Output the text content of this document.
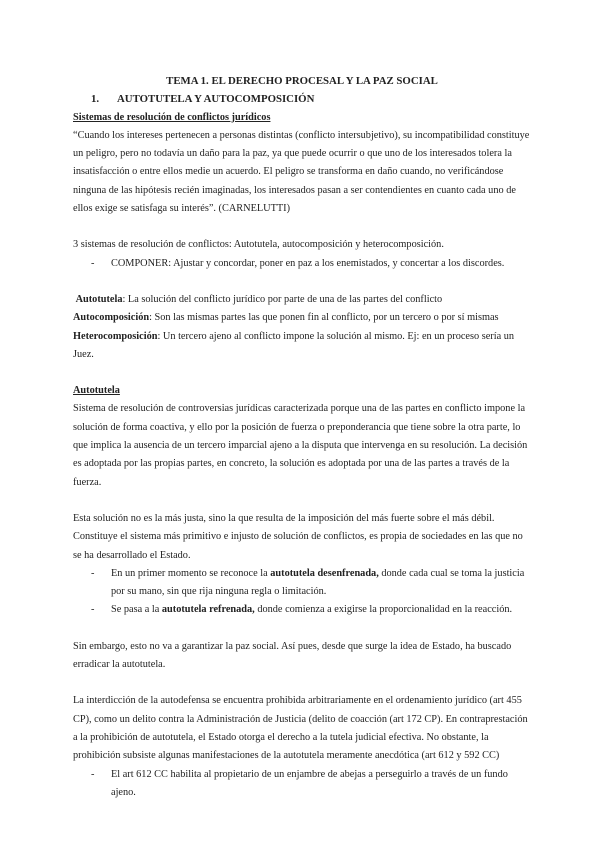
TEMA 1. EL DERECHO PROCESAL Y LA PAZ SOCIAL

1. AUTOTUTELA Y AUTOCOMPOSICIÓN

Sistemas de resolución de conflictos jurídicos

“Cuando los intereses pertenecen a personas distintas (conflicto intersubjetivo), su incompatibilidad constituye un peligro, pero no todavía un daño para la paz, ya que puede ocurrir o que uno de los interesados tolera la insatisfacción o entre ellos medie un acuerdo. El peligro se transforma en daño cuando, no verificándose ninguna de las hipótesis recién imaginadas, los interesados pasan a ser contendientes en cuanto cada uno de ellos exige se satisfaga su interés”. (CARNELUTTI)

3 sistemas de resolución de conflictos: Autotutela, autocomposición y heterocomposición.

- COMPONER: Ajustar y concordar, poner en paz a los enemistados, y concertar a los discordes.

Autotutela: La solución del conflicto jurídico por parte de una de las partes del conflicto

Autocomposición: Son las mismas partes las que ponen fin al conflicto, por un tercero o por sí mismas

Heterocomposición: Un tercero ajeno al conflicto impone la solución al mismo. Ej: en un proceso sería un Juez.

Autotutela

Sistema de resolución de controversias jurídicas caracterizada porque una de las partes en conflicto impone la solución de forma coactiva, y ello por la posición de fuerza o preponderancia que tiene sobre la otra parte, lo que implica la ausencia de un tercero imparcial ajeno a la disputa que intervenga en su resolución. La decisión es adoptada por las propias partes, en concreto, la solución es adoptada por una de las partes a través de la fuerza.

Esta solución no es la más justa, sino la que resulta de la imposición del más fuerte sobre el más débil. Constituye el sistema más primitivo e injusto de solución de conflictos, es propia de sociedades en las que no se ha desarrollado el Estado.

- En un primer momento se reconoce la autotutela desenfrenada, donde cada cual se toma la justicia por su mano, sin que rija ninguna regla o limitación.
- Se pasa a la autotutela refrenada, donde comienza a exigirse la proporcionalidad en la reacción.

Sin embargo, esto no va a garantizar la paz social. Así pues, desde que surge la idea de Estado, ha buscado erradicar la autotutela.

La interdicción de la autodefensa se encuentra prohibida arbitrariamente en el ordenamiento jurídico (art 455 CP), como un delito contra la Administración de Justicia (delito de coacción (art 172 CP). En contraprestación a la prohibición de autotutela, el Estado otorga el derecho a la tutela judicial efectiva. No obstante, la prohibición subsiste algunas manifestaciones de la autotutela meramente anecdótica (art 612 y 592 CC)

- El art 612 CC habilita al propietario de un enjambre de abejas a perseguirlo a través de un fundo ajeno.
